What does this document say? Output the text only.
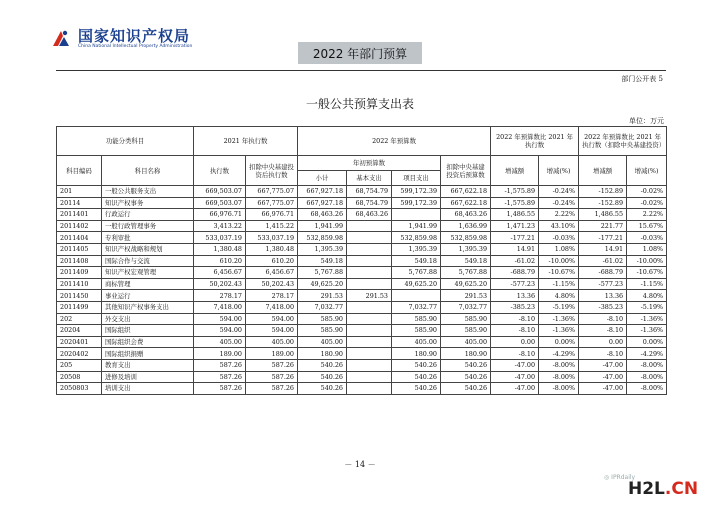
国家知识产权局
China National Intellectual Property Administration	2022 年部门预算
部门公开表 5
一般公共预算支出表
单位：万元
功能分类科目		2021 年执行数		2022 年预算数				2022 年预算数比 2021 年执行数		2022 年预算数比 2021 年执行数（扣除中央基建投资）	

科目编码	科目名称	执行数	扣除中央基建投资后执行数	年初预算数			扣除中央基建投资后预算数	增减额	增减(%)	增减额	增减(%)
				小计	基本支出	项目支出					
201	一般公共服务支出	669,503.07	667,775.07	667,927.18	68,754.79	599,172.39	667,622.18	-1,575.89	-0.24%	-152.89	-0.02%
20114	知识产权事务	669,503.07	667,775.07	667,927.18	68,754.79	599,172.39	667,622.18	-1,575.89	-0.24%	-152.89	-0.02%
2011401	行政运行	66,976.71	66,976.71	68,463.26	68,463.26		68,463.26	1,486.55	2.22%	1,486.55	2.22%
2011402	一般行政管理事务	3,413.22	1,415.22	1,941.99		1,941.99	1,636.99	1,471.23	43.10%	221.77	15.67%
2011404	专利审批	533,037.19	533,037.19	532,859.98		532,859.98	532,859.98	-177.21	-0.03%	-177.21	-0.03%
2011405	知识产权战略和规划	1,380.48	1,380.48	1,395.39		1,395.39	1,395.39	14.91	1.08%	14.91	1.08%
2011408	国际合作与交流	610.20	610.20	549.18		549.18	549.18	-61.02	-10.00%	-61.02	-10.00%
2011409	知识产权宏观管理	6,456.67	6,456.67	5,767.88		5,767.88	5,767.88	-688.79	-10.67%	-688.79	-10.67%
2011410	商标管理	50,202.43	50,202.43	49,625.20		49,625.20	49,625.20	-577.23	-1.15%	-577.23	-1.15%
2011450	事业运行	278.17	278.17	291.53	291.53		291.53	13.36	4.80%	13.36	4.80%
2011499	其他知识产权事务支出	7,418.00	7,418.00	7,032.77		7,032.77	7,032.77	-385.23	-5.19%	-385.23	-5.19%
202	外交支出	594.00	594.00	585.90		585.90	585.90	-8.10	-1.36%	-8.10	-1.36%
20204	国际组织	594.00	594.00	585.90		585.90	585.90	-8.10	-1.36%	-8.10	-1.36%
2020401	国际组织会费	405.00	405.00	405.00		405.00	405.00	0.00	0.00%	0.00	0.00%
2020402	国际组织捐赠	189.00	189.00	180.90		180.90	180.90	-8.10	-4.29%	-8.10	-4.29%
205	教育支出	587.26	587.26	540.26		540.26	540.26	-47.00	-8.00%	-47.00	-8.00%
20508	进修及培训	587.26	587.26	540.26		540.26	540.26	-47.00	-8.00%	-47.00	-8.00%
2050803	培训支出	587.26	587.26	540.26		540.26	540.26	-47.00	-8.00%	-47.00	-8.00%
－ 14 －
◎ IPRdaily
H2L.CN
